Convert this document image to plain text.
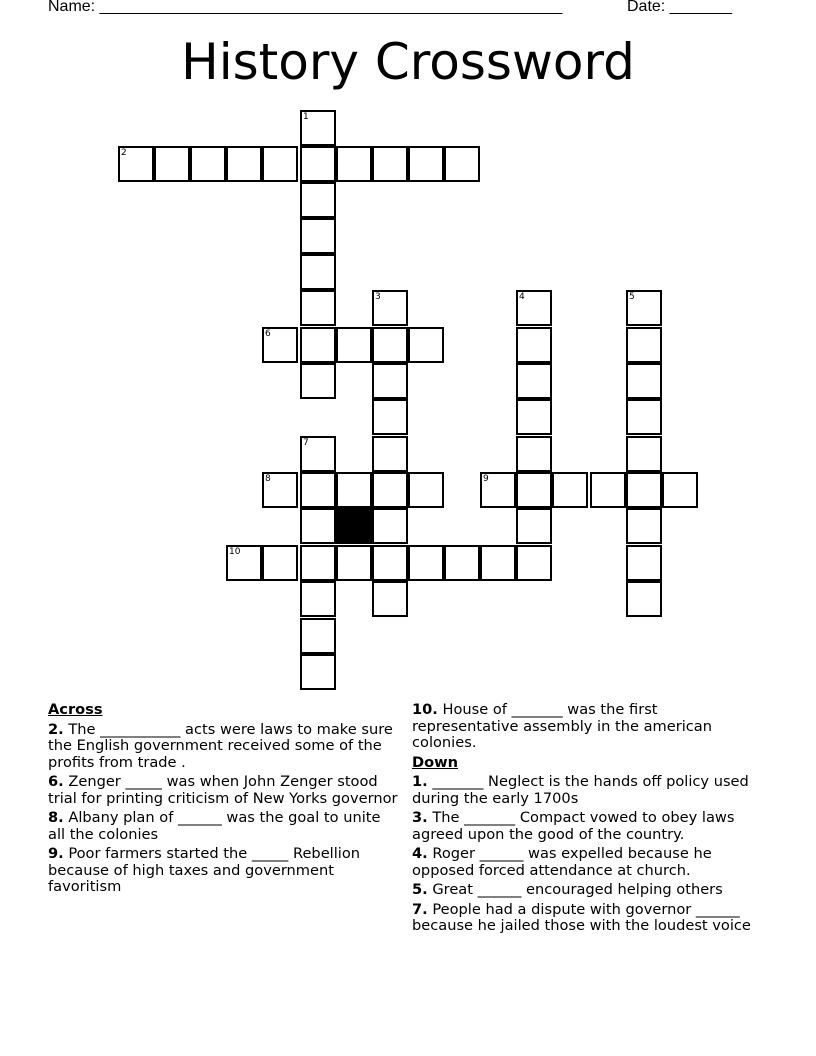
Name: ____________________________________________________	Date: _______
History Crossword
1
2
3	4	5
6
7
8	9
10
Across
2. The ___________ acts were laws to make sure the English government received some of the profits from trade .
6. Zenger _____ was when John Zenger stood trial for printing criticism of New Yorks governor
8. Albany plan of ______ was the goal to unite all the colonies
9. Poor farmers started the _____ Rebellion because of high taxes and government favoritism
10. House of _______ was the first representative assembly in the american colonies.
Down
1. _______ Neglect is the hands off policy used during the early 1700s
3. The _______ Compact vowed to obey laws agreed upon the good of the country.
4. Roger ______ was expelled because he opposed forced attendance at church.
5. Great ______ encouraged helping others
7. People had a dispute with governor ______ because he jailed those with the loudest voice
